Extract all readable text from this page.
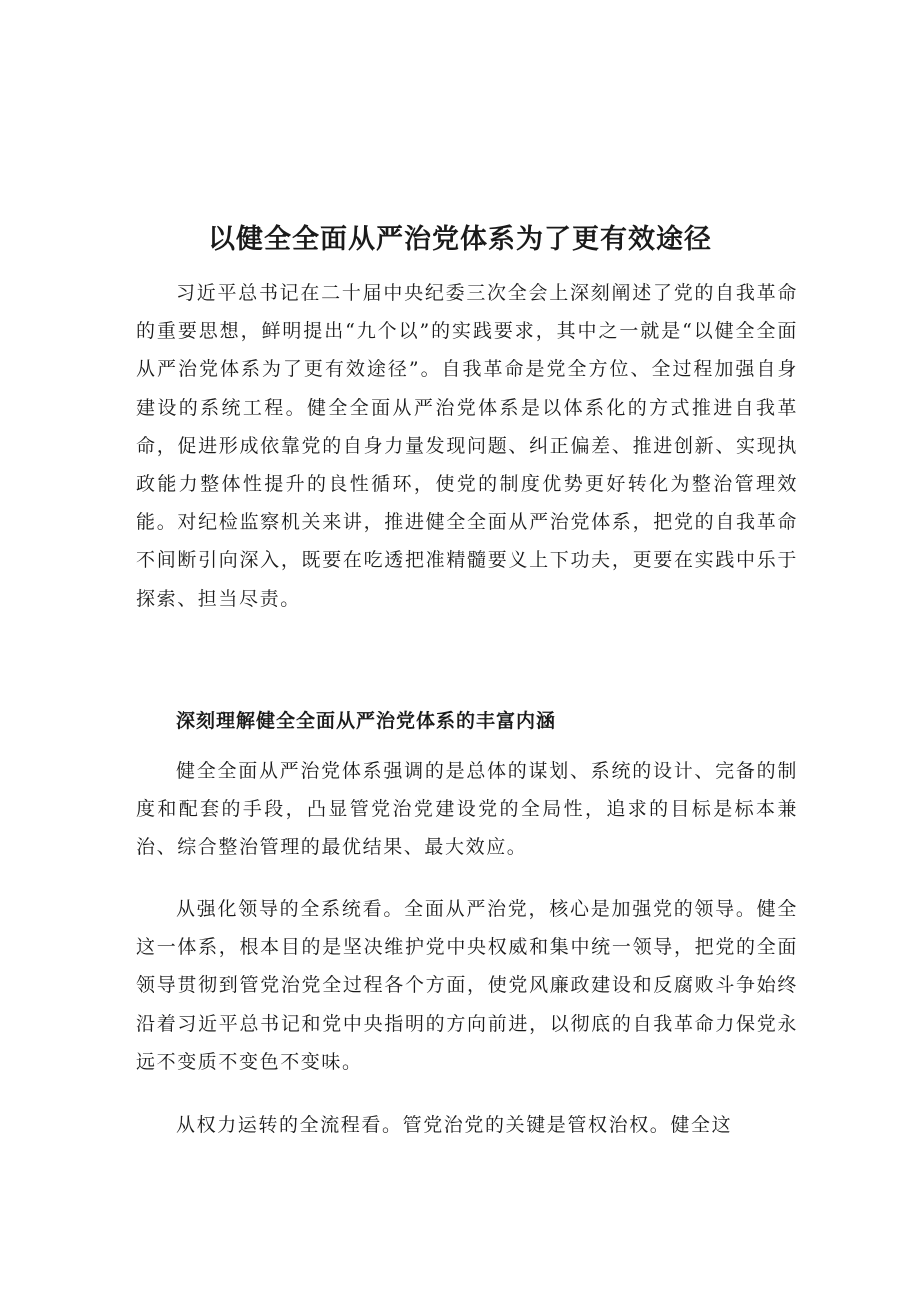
以健全全面从严治党体系为了更有效途径

习近平总书记在二十届中央纪委三次全会上深刻阐述了党的自我革命的重要思想，鲜明提出“九个以”的实践要求，其中之一就是“以健全全面从严治党体系为了更有效途径”。自我革命是党全方位、全过程加强自身建设的系统工程。健全全面从严治党体系是以体系化的方式推进自我革命，促进形成依靠党的自身力量发现问题、纠正偏差、推进创新、实现执政能力整体性提升的良性循环，使党的制度优势更好转化为整治管理效能。对纪检监察机关来讲，推进健全全面从严治党体系，把党的自我革命不间断引向深入，既要在吃透把准精髓要义上下功夫，更要在实践中乐于探索、担当尽责。

深刻理解健全全面从严治党体系的丰富内涵

健全全面从严治党体系强调的是总体的谋划、系统的设计、完备的制度和配套的手段，凸显管党治党建设党的全局性，追求的目标是标本兼治、综合整治管理的最优结果、最大效应。

从强化领导的全系统看。全面从严治党，核心是加强党的领导。健全这一体系，根本目的是坚决维护党中央权威和集中统一领导，把党的全面领导贯彻到管党治党全过程各个方面，使党风廉政建设和反腐败斗争始终沿着习近平总书记和党中央指明的方向前进，以彻底的自我革命力保党永远不变质不变色不变味。

从权力运转的全流程看。管党治党的关键是管权治权。健全这
